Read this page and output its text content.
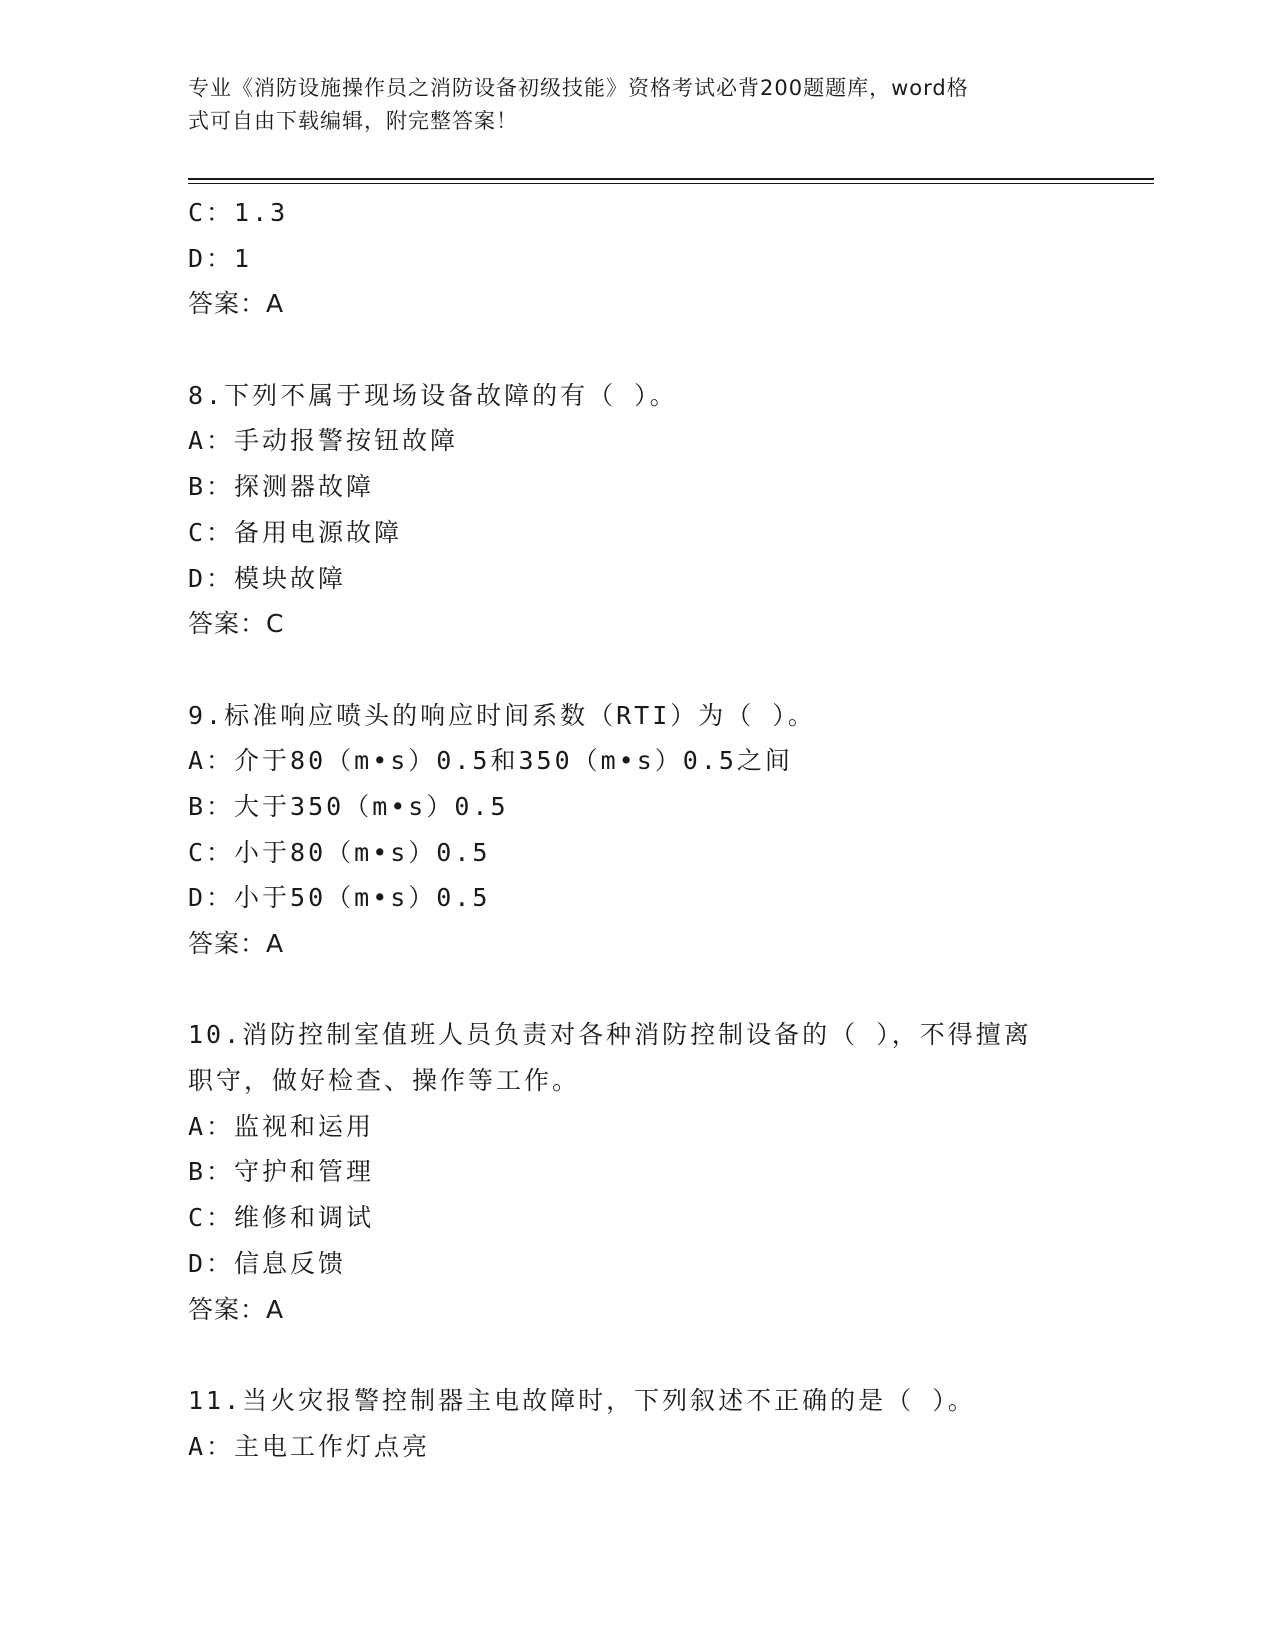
专业《消防设施操作员之消防设备初级技能》资格考试必背200题题库，word格
式可自由下载编辑，附完整答案！
C：1.3
D：1
答案：A
8.下列不属于现场设备故障的有（ ）。
A：手动报警按钮故障
B：探测器故障
C：备用电源故障
D：模块故障
答案：C
9.标准响应喷头的响应时间系数（RTI）为（ ）。
A：介于80（m•s）0.5和350（m•s）0.5之间
B：大于350（m•s）0.5
C：小于80（m•s）0.5
D：小于50（m•s）0.5
答案：A
10.消防控制室值班人员负责对各种消防控制设备的（ ），不得擅离
职守，做好检查、操作等工作。
A：监视和运用
B：守护和管理
C：维修和调试
D：信息反馈
答案：A
11.当火灾报警控制器主电故障时，下列叙述不正确的是（ ）。
A：主电工作灯点亮
